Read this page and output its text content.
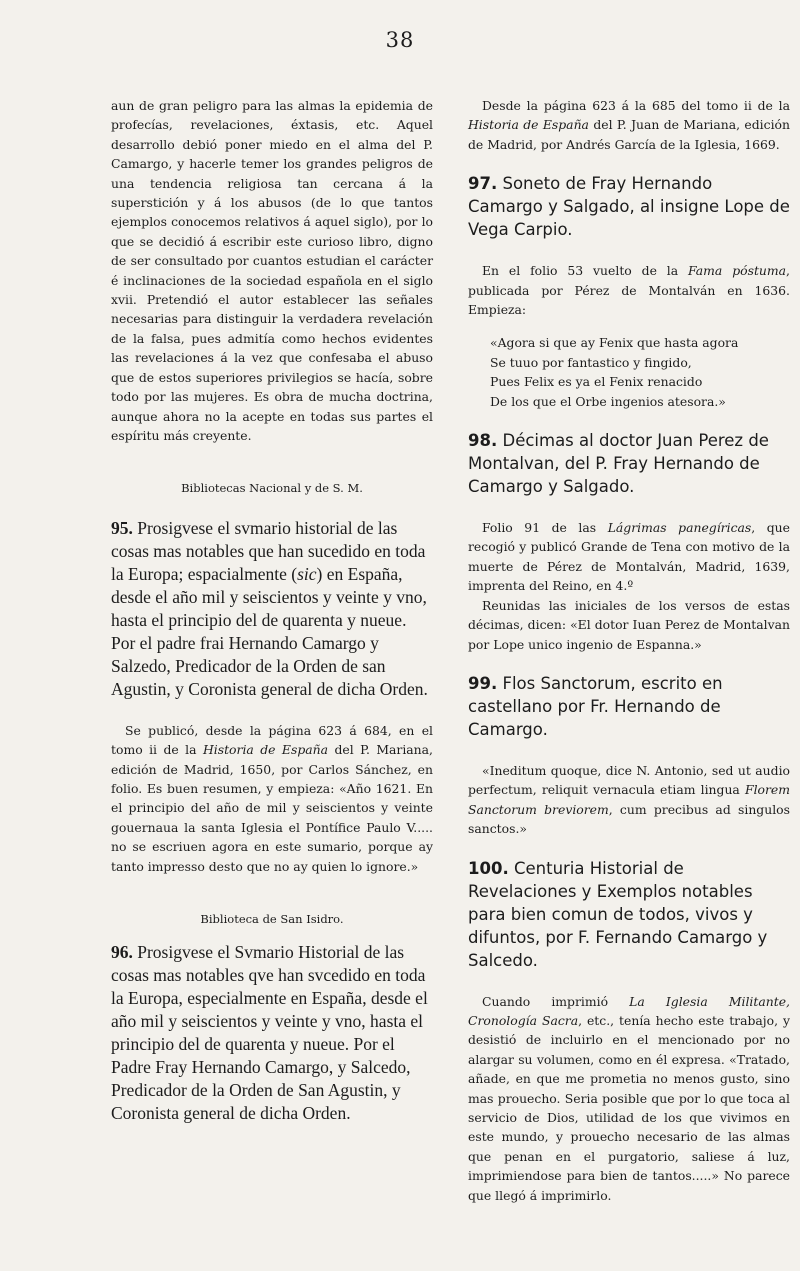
38

aun de gran peligro para las almas la epidemia de profecías, revelaciones, éxtasis, etc. Aquel desarrollo debió poner miedo en el alma del P. Camargo, y hacerle temer los grandes peligros de una tendencia religiosa tan cercana á la superstición y á los abusos (de lo que tantos ejemplos conocemos relativos á aquel siglo), por lo que se decidió á escribir este curioso libro, digno de ser consultado por cuantos estudian el carácter é inclinaciones de la sociedad española en el siglo xvii. Pretendió el autor establecer las señales necesarias para distinguir la verdadera revelación de la falsa, pues admitía como hechos evidentes las revelaciones á la vez que confesaba el abuso que de estos superiores privilegios se hacía, sobre todo por las mujeres. Es obra de mucha doctrina, aunque ahora no la acepte en todas sus partes el espíritu más creyente.

Bibliotecas Nacional y de S. M.

95. Prosigvese el svmario historial de las cosas mas notables que han sucedido en toda la Europa; espacialmente (sic) en España, desde el año mil y seiscientos y veinte y vno, hasta el principio del de quarenta y nueue. Por el padre frai Hernando Camargo y Salzedo, Predicador de la Orden de san Agustin, y Coronista general de dicha Orden.

Se publicó, desde la página 623 á 684, en el tomo ii de la Historia de España del P. Mariana, edición de Madrid, 1650, por Carlos Sánchez, en folio. Es buen resumen, y empieza: «Año 1621. En el principio del año de mil y seiscientos y veinte gouernaua la santa Iglesia el Pontífice Paulo V..... no se escriuen agora en este sumario, porque ay tanto impresso desto que no ay quien lo ignore.»

Biblioteca de San Isidro.

96. Prosigvese el Svmario Historial de las cosas mas notables qve han svcedido en toda la Europa, especialmente en España, desde el año mil y seiscientos y veinte y vno, hasta el principio del de quarenta y nueue. Por el Padre Fray Hernando Camargo, y Salcedo, Predicador de la Orden de San Agustin, y Coronista general de dicha Orden.

Desde la página 623 á la 685 del tomo ii de la Historia de España del P. Juan de Mariana, edición de Madrid, por Andrés García de la Iglesia, 1669.

97. Soneto de Fray Hernando Camargo y Salgado, al insigne Lope de Vega Carpio.

En el folio 53 vuelto de la Fama póstuma, publicada por Pérez de Montalván en 1636. Empieza:

«Agora si que ay Fenix que hasta agora

Se tuuo por fantastico y fingido,

Pues Felix es ya el Fenix renacido

De los que el Orbe ingenios atesora.»

98. Décimas al doctor Juan Perez de Montalvan, del P. Fray Hernando de Camargo y Salgado.

Folio 91 de las Lágrimas panegíricas, que recogió y publicó Grande de Tena con motivo de la muerte de Pérez de Montalván, Madrid, 1639, imprenta del Reino, en 4.º

Reunidas las iniciales de los versos de estas décimas, dicen: «El dotor Iuan Perez de Montalvan por Lope unico ingenio de Espanna.»

99. Flos Sanctorum, escrito en castellano por Fr. Hernando de Camargo.

«Ineditum quoque, dice N. Antonio, sed ut audio perfectum, reliquit vernacula etiam lingua Florem Sanctorum breviorem, cum precibus ad singulos sanctos.»

100. Centuria Historial de Revelaciones y Exemplos notables para bien comun de todos, vivos y difuntos, por F. Fernando Camargo y Salcedo.

Cuando imprimió La Iglesia Militante, Cronología Sacra, etc., tenía hecho este trabajo, y desistió de incluirlo en el mencionado por no alargar su volumen, como en él expresa. «Tratado, añade, en que me prometia no menos gusto, sino mas prouecho. Seria posible que por lo que toca al servicio de Dios, utilidad de los que vivimos en este mundo, y prouecho necesario de las almas que penan en el purgatorio, saliese á luz, imprimiendose para bien de tantos.....» No parece que llegó á imprimirlo.
